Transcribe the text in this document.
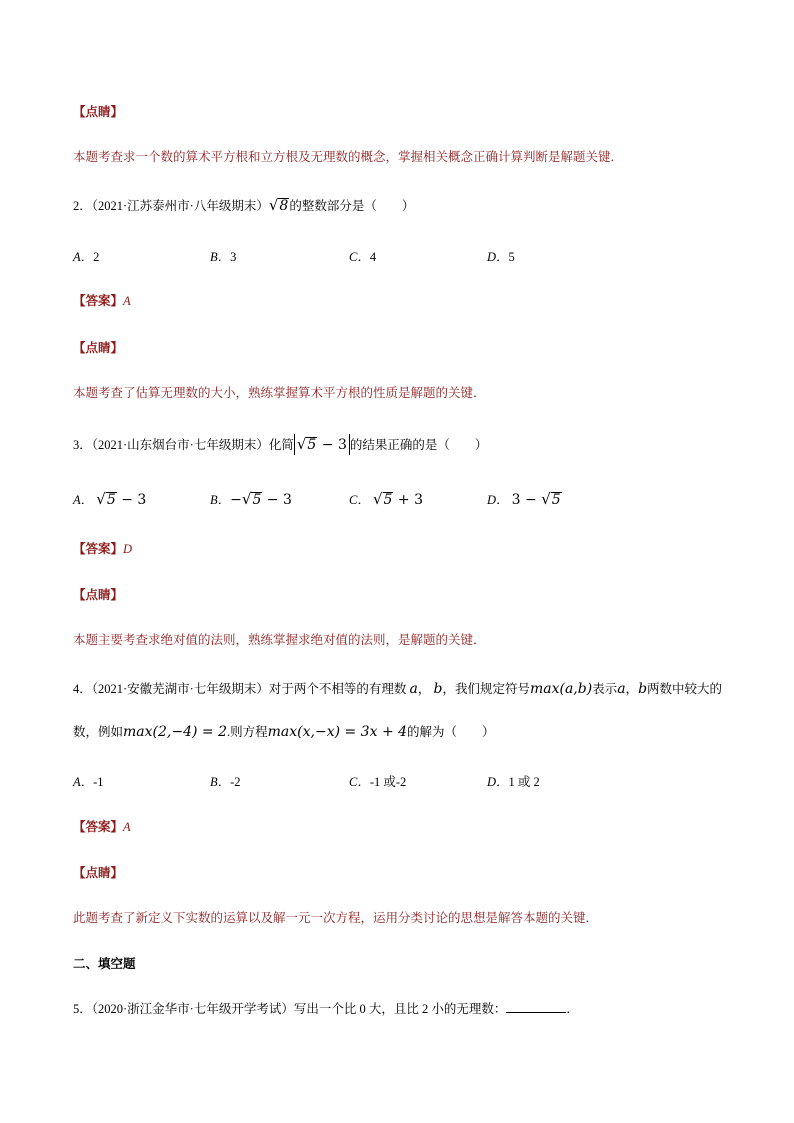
【点睛】
本题考查求一个数的算术平方根和立方根及无理数的概念，掌握相关概念正确计算判断是解题关键．
2．（2021·江苏泰州市·八年级期末）√8的整数部分是（　　）
A．2	B．3	C．4	D．5
【答案】A
【点睛】
本题考查了估算无理数的大小，熟练掌握算术平方根的性质是解题的关键．
3．（2021·山东烟台市·七年级期末）化简 √5 − 3 的结果正确的是（　　）
A． √5 − 3	B．−√5 − 3	C． √5 + 3	D． 3 − √5
【答案】D
【点睛】
本题主要考查求绝对值的法则，熟练掌握求绝对值的法则，是解题的关键．
4．（2021·安徽芜湖市·七年级期末）对于两个不相等的有理数 a， b，我们规定符号max(a,b)表示a，b两数中较大的
数，例如max(2,−4) = 2.则方程max(x,−x) = 3x + 4的解为（　　）
A．-1	B．-2	C．-1 或-2	D．1 或 2
【答案】A
【点睛】
此题考查了新定义下实数的运算以及解一元一次方程，运用分类讨论的思想是解答本题的关键．
二、填空题
5．（2020·浙江金华市·七年级开学考试）写出一个比 0 大，且比 2 小的无理数：	．
